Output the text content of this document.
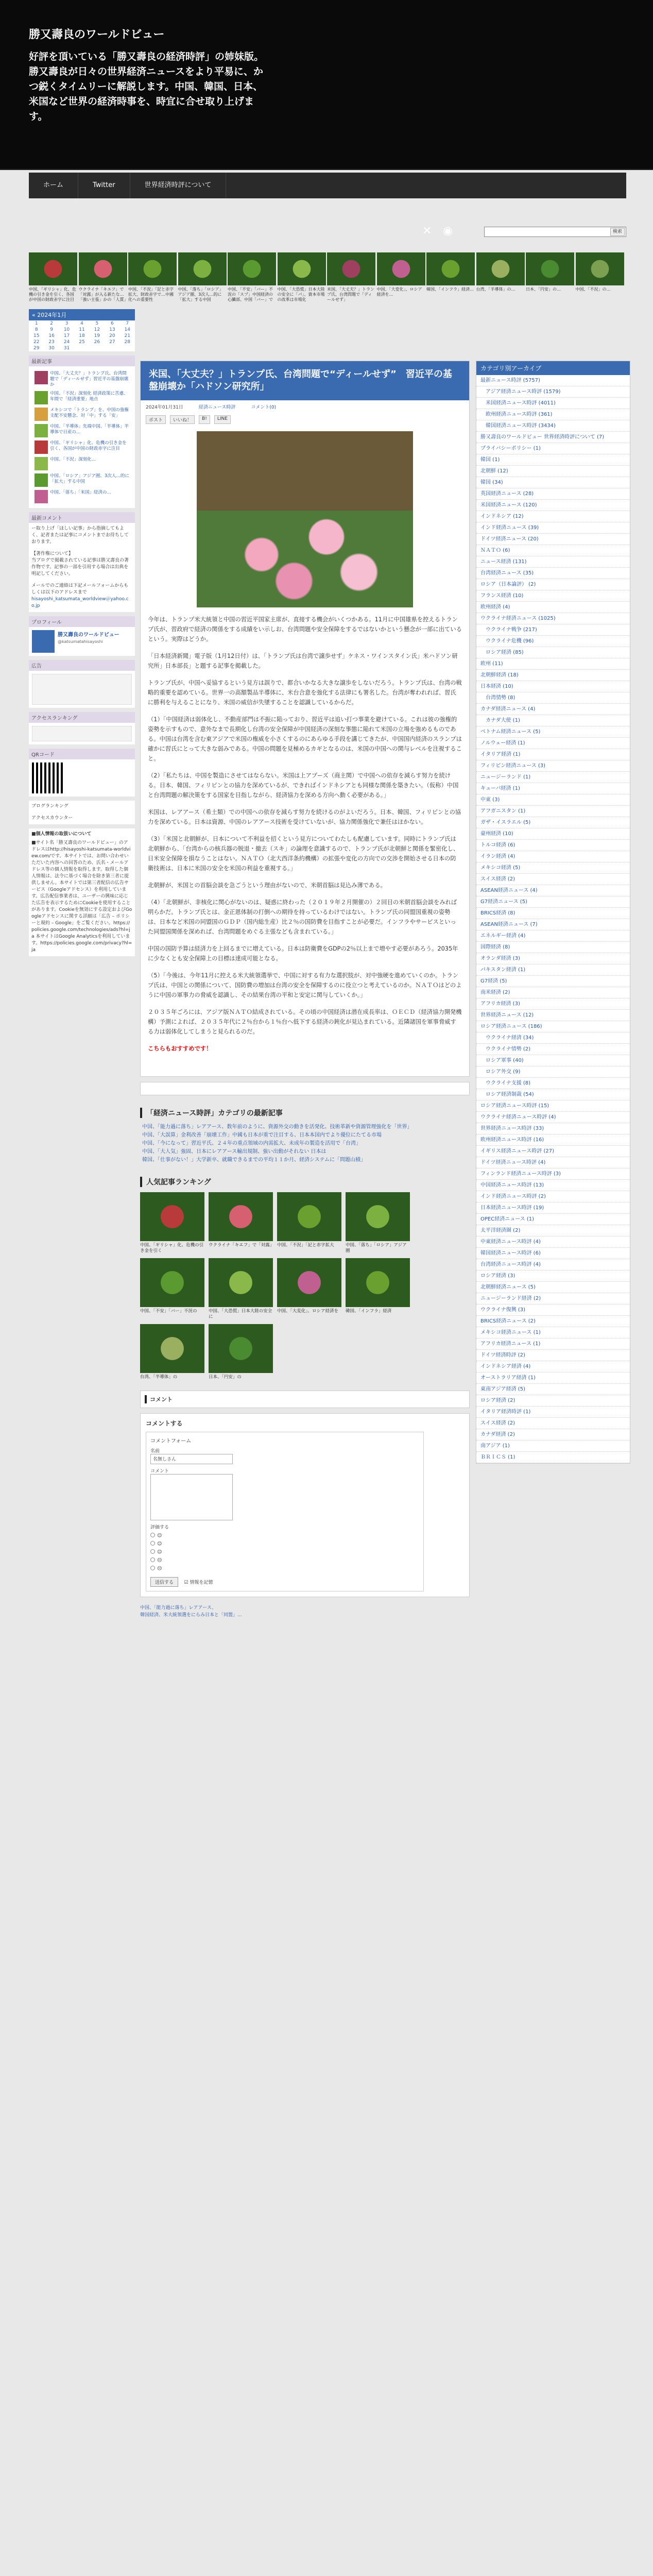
勝又壽良のワールドビュー
好評を頂いている「勝又壽良の経済時評」の姉妹版。勝又壽良が日々の世界経済ニュースをより平易に、かつ鋭くタイムリーに解説します。中国、韓国、日本、米国など世界の経済時事を、時宜に合せ取り上げます。
ホーム	Twitter	世界経済時評について
✕ ◉	検索
中国、「ギリシャ」化、危機の引き金を引く、各国が中国の財政赤字に注目
ウクライナ「キエフ」で「対露」が入る新たな…「強い主張」かの「人質」
中国、「不況」「記と赤字拡大、財政赤字で…中國化への重要性
中国、「落ち」「ロシア」アジア圏、3次人…的に「拡大」する中国
中国、「不安」「バー」不況の「スプ」中国経済の心臓部、中国「バー」で
中国、「大恐慌」日本大陸の安全に「パ」、資本市場の改革は市場化
米国、「大丈夫？」トランプ氏、台湾問題で「ディールせず」
中国、「大変化」、ロシア経済を…
韓国、「インフラ」経済… 台湾、「半導体」の…	日本、「円安」の…	中国、「不況」の…
« 2024年1月
1	2	3	4	5	6	7
8	9	10	11	12	13	14
15	16	17	18	19	20	21
22	23	24	25	26	27	28
29	30	31				
最新記事
中国、「大丈夫？」トランプ氏、台湾問題で「ディールせず」習近平の基盤崩壊か
中国、「不況」深刻化 経済政策に苦慮、年間で「経済重要」地点
メキシコで「トランプ」を、中国の強権支配不安懸念、対「中」する「安」
中国、「半導体」先端中国、「半導体」半導体で日産の…
中国、「ギリシャ」化、危機の引き金を引く、各国が中国の財政赤字に注目
中国、「不況」深刻化…
中国、「ロシア」アジア圏、3次人…的に「拡大」する中国
中国、「落ち」「米国」経済の…
最新コメント
ー取り上げ「ほしい記事」から指摘してもよく、記者または記事にコメントまでお待ちしております。
【著作権について】
当ブログで掲載されている記事は勝又壽良の著作物です。記事の一部を引用する場合は出典を明記してください。
メールでのご連絡は下記メールフォームからもしくは以下のアドレスまで
hisayoshi_katsumata_worldview＠yahoo.co.jp
プロフィール
勝又壽良のワールドビュー
@katsumatahisayoshi
広告
アクセスランキング
QRコード
ブログランキング
アクセスカウンター
■個人情報の取扱いについて
■サイト名「勝又壽良のワールドビュー」のアドレスはhttp://hisayoshi-katsumata-worldview.com/です。本サイトでは、お問い合わせいただいた内容への回答のため、氏名・メールアドレス等の個人情報を取得します。取得した個人情報は、法令に基づく場合を除き第三者に提供しません。本サイトでは第三者配信の広告サービス（Googleアドセンス）を利用しています。広告配信事業者は、ユーザーの興味に応じた広告を表示するためにCookieを使用することがあります。Cookieを無効にする設定およびGoogleアドセンスに関する詳細は「広告 – ポリシーと規約 – Google」をご覧ください。https://policies.google.com/technologies/ads?hl=ja 本サイトはGoogle Analyticsを利用しています。https://policies.google.com/privacy?hl=ja
米国、「大丈夫？」トランプ氏、台湾問題で“ディールせず”　習近平の基盤崩壊か「ハドソン研究所」
2024年01月31日	経済ニュース時評	コメント(0)
ポスト	いいね！	B!	LINE
今年は、トランプ米大統領と中国の習近平国家主席が、直接する機会がいくつかある。11月に中国雄県を控えるトランプ氏が、習政府で経済の関係をする成績をい示しお、台湾問題や安全保障をするではないかという懸念が一部に出ているという。実際はどうか。
「日本経済新聞」電子版（1月12日付）は、「トランプ氏は台湾で譲歩せず」ケネス・ワインスタイン氏」米ハドソン研究所」日本部長」と題する記事を掲載した。
トランプ氏が、中国へ妥協するという見方は誤りで、都合いかなる大きな譲歩をしないだろう。トランプ氏は、台湾の戦略的重要を認めている。世界一の高額製品半導体に、米台合意を強化する法律にも署名した。台湾が奪われれば、習氏に勝利を与えることになり、米国の威信が失墜することを認識しているからだ。
（1）「中国経済は弱体化し、不動産部門は不振に陥っており、習近平は追い打つ事業を避けている。これは彼の強権的姿勢を示すもので、意外なまで長期化し台湾の安全保障が中国経済の深刻な事態に陥れて米国の立場を強めるものである。中国は台湾を含む東アジアで米国の権威を小さくするのにあらゆる手段を講じてきたが、中国国内経済のスランプは確かに習氏にとって大きな弱みである。中国の問題を見極めるカギとなるのは、米国の中国への関与レベルを注視すること。
（2）「私たちは、中国を製造にさせてはならない。米国は上アプーズ（商主関）で中国への依存を減らす努力を続ける。日本、韓国、フィリピンとの協力を深めているが、できればインドネシアとも同様な関係を築きたい。（仮称）中国と台湾問題の解決策をする国家を目指しながら、経済協力を深める方向へ動く必要がある。」
米国は、レアアース（希土類）での中国への依存を減らす努力を続けるのがよいだろう。日本、韓国、フィリピンとの協力を深めている。日本は資源、中国のレアアース技術を受けていないが、協力関係強化で兼任はほかない。
（3）「米国と北朝鮮が、日本について不利益を招くという見方についてわたしも配慮しています。同時にトランプ氏は北朝鮮から、「台湾からの核兵器の脱退・撤去（スキ」の論理を意識するので、トランプ氏が北朝鮮と関係を緊密化し、日米安全保障を損なうことはない。ＮＡＴＯ（北大西洋条約機構）の拡張や変化の方向での交渉を開始させる日本の防衛技術は、日本に米国の安全を米国の利益を重視する。」
北朝鮮が、米国との首脳会談を急ごうという理由がないので、米朝首脳は見込み薄である。
（4）「北朝鮮が、非核化に関心がないのは、疑惑に終わった（２０１９年２月開催の）２回目の米朝首脳会談をみれば明らかだ。トランプ氏とは、金正恩体制の打倒への期待を持っているわけではない。トランプ氏の同盟国重視の姿勢は、日本など米国の同盟国のＧＤＰ（国内総生産）比２％の国防費を目指すことが必要だ。インフラやサービスといった同盟国関係を深めれば、台湾問題をめぐる主張なども含まれている。」
中国の国防予算は経済力を上回るまでに増えている。日本は防衛費をGDPの2％以上まで増やす必要があろう。2035年に少なくとも安全保障上の目標は達成可能となる。
（5）「今後は、今年11月に控える米大統領選挙で、中国に対する有力な選択肢が、対中強硬を進めていくのか。トランプ氏は、中国との関係について、国防費の増加は台湾の安全を保障するのに役立つと考えているのか。ＮＡＴＯはどのように中国の軍事力の脅威を認識し、その結果台湾の平和と安定に関与していくか。」
２０３５年ごろには、アジア版ＮＡＴＯ結成されている。その頃の中国経済は潜在成長率は、ＯＥＣＤ（経済協力開発機構）予測によれば、２０３５年代に２％台から１％台へ低下する経済の鈍化が見込まれている。近隣諸国を軍事脅威する力は弱体化してしまうと見られるのだ。
こちらもおすすめです！
「経済ニュース時評」カテゴリの最新記事
中国、「能力過に落ち」レアアース、数年前のように、資源外交の動きを活発化、技術革新や資源管理強化を「世界」
中国、「大誤算」金利改善「崩壊工作」中國も日本が重で注目する、日本本国内でより優位にたてる市場
中国、「今になって」習近平氏、２４年の重点領域の内需拡大、未成年の製造を活用で「台湾」
中国、「大人気」強固、日本にレアアース輸出規制、強い出動がそれない 日本は
韓国、「仕事がない！」大学新卒、就職できるまでの平均１１か月、経済システムに「問題山積」
人気記事ランキング
中国、「ギリシャ」化、危機の引き金を引く
ウクライナ「キエフ」で「対露」 中国、「不況」「記と赤字拡大	中国、「落ち」「ロシア」アジア圏
中国、「不安」「バー」不況の	中国、「大恐慌」日本大陸の安全に
中国、「大変化」、ロシア経済を	韓国、「インフラ」経済
台湾、「半導体」の	日本、「円安」の
コメント
コメントする
コメントフォーム
名前
名無しさん
コメント
評価する
☺
☺
☺
☹
☹
送信する ☑ 情報を記憶
中国、「能力過に落ち」レアアース、
韓国経済、米大統領選をにらみ日本と「同盟」…
カテゴリ別アーカイブ
最新ニュース時評 (5757)
アジア経済ニュース時評 (1579)
米国経済ニュース時評 (4011)
欧州経済ニュース時評 (361)
韓国経済ニュース時評 (3434)
勝又壽良のワールドビュー 世界経済時評について (7)
プライバシーポリシー (1)
韓国 (1)
北朝鮮 (12)
韓国 (34)
英国経済ニュース (28)
米国経済ニュース (120)
インドネシア (12)
インド経済ニュース (39)
ドイツ経済ニュース (20)
ＮＡＴＯ (6)
ニュース経済 (131)
台湾経済ニュース (35)
ロシア（日本論評） (2)
フランス経済 (10)
欧州経済 (4)
ウクライナ経済ニュース (1025)
ウクライナ戦争 (217)
ウクライナ危機 (96)
ロシア経済 (85)
欧州 (11)
北朝鮮経済 (18)
日本経済 (10)
台湾情勢 (8)
カナダ経済ニュース (4)
カナダ大使 (1)
ベトナム経済ニュース (5)
ノルウェー経済 (1)
イタリア経済 (1)
フィリピン経済ニュース (3)
ニュージーランド (1)
キューバ経済 (1)
中東 (3)
アフガニスタン (1)
ガザ・イスラエル (5)
豪州経済 (10)
トルコ経済 (6)
イラン経済 (4)
メキシコ経済 (5)
スイス経済 (2)
ASEAN経済ニュース (4)
G7経済ニュース (5)
BRICS経済 (8)
ASEAN経済ニュース (7)
エネルギー経済 (4)
国際経済 (8)
オランダ経済 (3)
パキスタン経済 (1)
G7経済 (5)
南米経済 (2)
アフリカ経済 (3)
世界経済ニュース (12)
ロシア経済ニュース (186)
ウクライナ経済 (34)
ウクライナ情勢 (2)
ロシア軍事 (40)
ロシア外交 (9)
ウクライナ支援 (8)
ロシア経済制裁 (54)
ロシア経済ニュース時評 (15)
ウクライナ経済ニュース時評 (4)
世界経済ニュース時評 (33)
欧州経済ニュース時評 (16)
イギリス経済ニュース時評 (27)
ドイツ経済ニュース時評 (4)
フィンランド経済ニュース時評 (3)
中国経済ニュース時評 (13)
インド経済ニュース時評 (2)
日本経済ニュース時評 (19)
OPEC経済ニュース (1)
太平洋経済圏 (2)
中東経済ニュース時評 (4)
韓国経済ニュース時評 (6)
台湾経済ニュース時評 (4)
ロシア経済 (3)
北朝鮮経済ニュース (5)
ニュージーランド経済 (2)
ウクライナ復興 (3)
BRICS経済ニュース (2)
メキシコ経済ニュース (1)
アフリカ経済ニュース (1)
ドイツ経済時評 (2)
インドネシア経済 (4)
オーストラリア経済 (1)
東南アジア経済 (5)
ロシア経済 (2)
イタリア経済時評 (1)
スイス経済 (2)
カナダ経済 (2)
南アジア (1)
ＢＲＩＣＳ (1)
